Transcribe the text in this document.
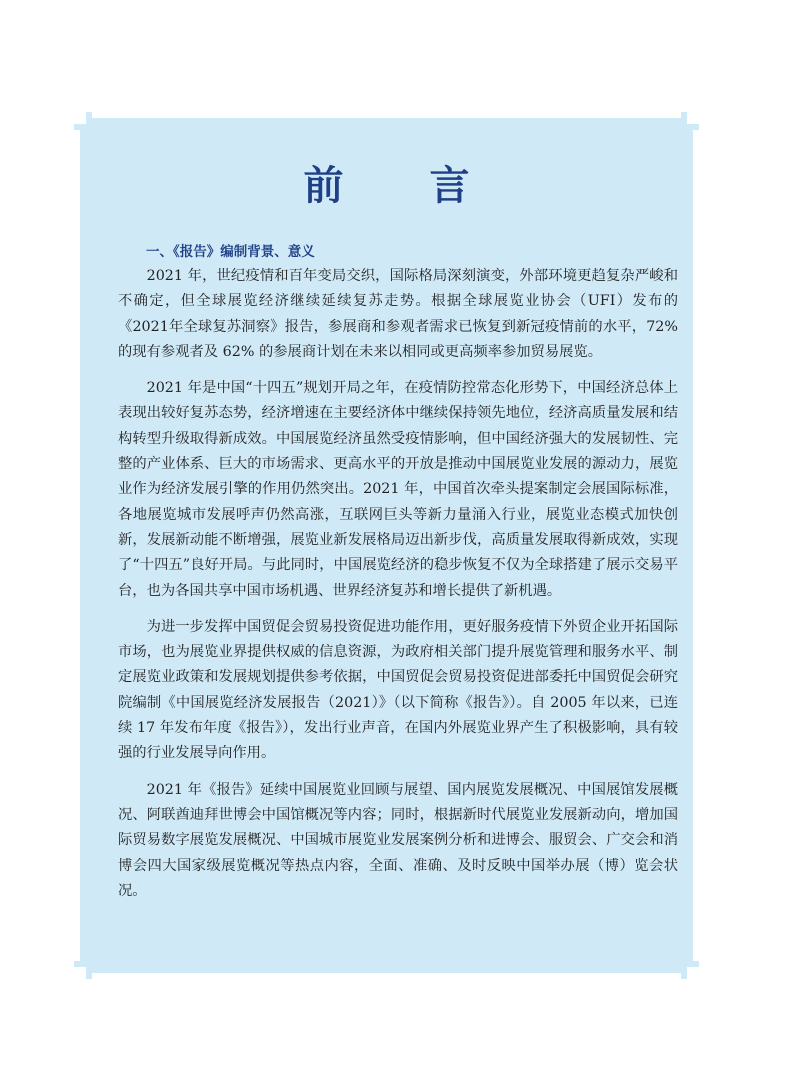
前 言
一、《报告》编制背景、意义

2021 年，世纪疫情和百年变局交织，国际格局深刻演变，外部环境更趋复杂严峻和不确定，但全球展览经济继续延续复苏走势。根据全球展览业协会（UFI）发布的《2021年全球复苏洞察》报告，参展商和参观者需求已恢复到新冠疫情前的水平，72% 的现有参观者及 62% 的参展商计划在未来以相同或更高频率参加贸易展览。

2021 年是中国“十四五”规划开局之年，在疫情防控常态化形势下，中国经济总体上表现出较好复苏态势，经济增速在主要经济体中继续保持领先地位，经济高质量发展和结构转型升级取得新成效。中国展览经济虽然受疫情影响，但中国经济强大的发展韧性、完整的产业体系、巨大的市场需求、更高水平的开放是推动中国展览业发展的源动力，展览业作为经济发展引擎的作用仍然突出。2021 年，中国首次牵头提案制定会展国际标准，各地展览城市发展呼声仍然高涨，互联网巨头等新力量涌入行业，展览业态模式加快创新，发展新动能不断增强，展览业新发展格局迈出新步伐，高质量发展取得新成效，实现了“十四五”良好开局。与此同时，中国展览经济的稳步恢复不仅为全球搭建了展示交易平台，也为各国共享中国市场机遇、世界经济复苏和增长提供了新机遇。

为进一步发挥中国贸促会贸易投资促进功能作用，更好服务疫情下外贸企业开拓国际市场，也为展览业界提供权威的信息资源，为政府相关部门提升展览管理和服务水平、制定展览业政策和发展规划提供参考依据，中国贸促会贸易投资促进部委托中国贸促会研究院编制《中国展览经济发展报告（2021）》（以下简称《报告》）。自 2005 年以来，已连续 17 年发布年度《报告》），发出行业声音，在国内外展览业界产生了积极影响，具有较强的行业发展导向作用。

2021 年《报告》延续中国展览业回顾与展望、国内展览发展概况、中国展馆发展概况、阿联酋迪拜世博会中国馆概况等内容；同时，根据新时代展览业发展新动向，增加国际贸易数字展览发展概况、中国城市展览业发展案例分析和进博会、服贸会、广交会和消博会四大国家级展览概况等热点内容，全面、准确、及时反映中国举办展（博）览会状况。
